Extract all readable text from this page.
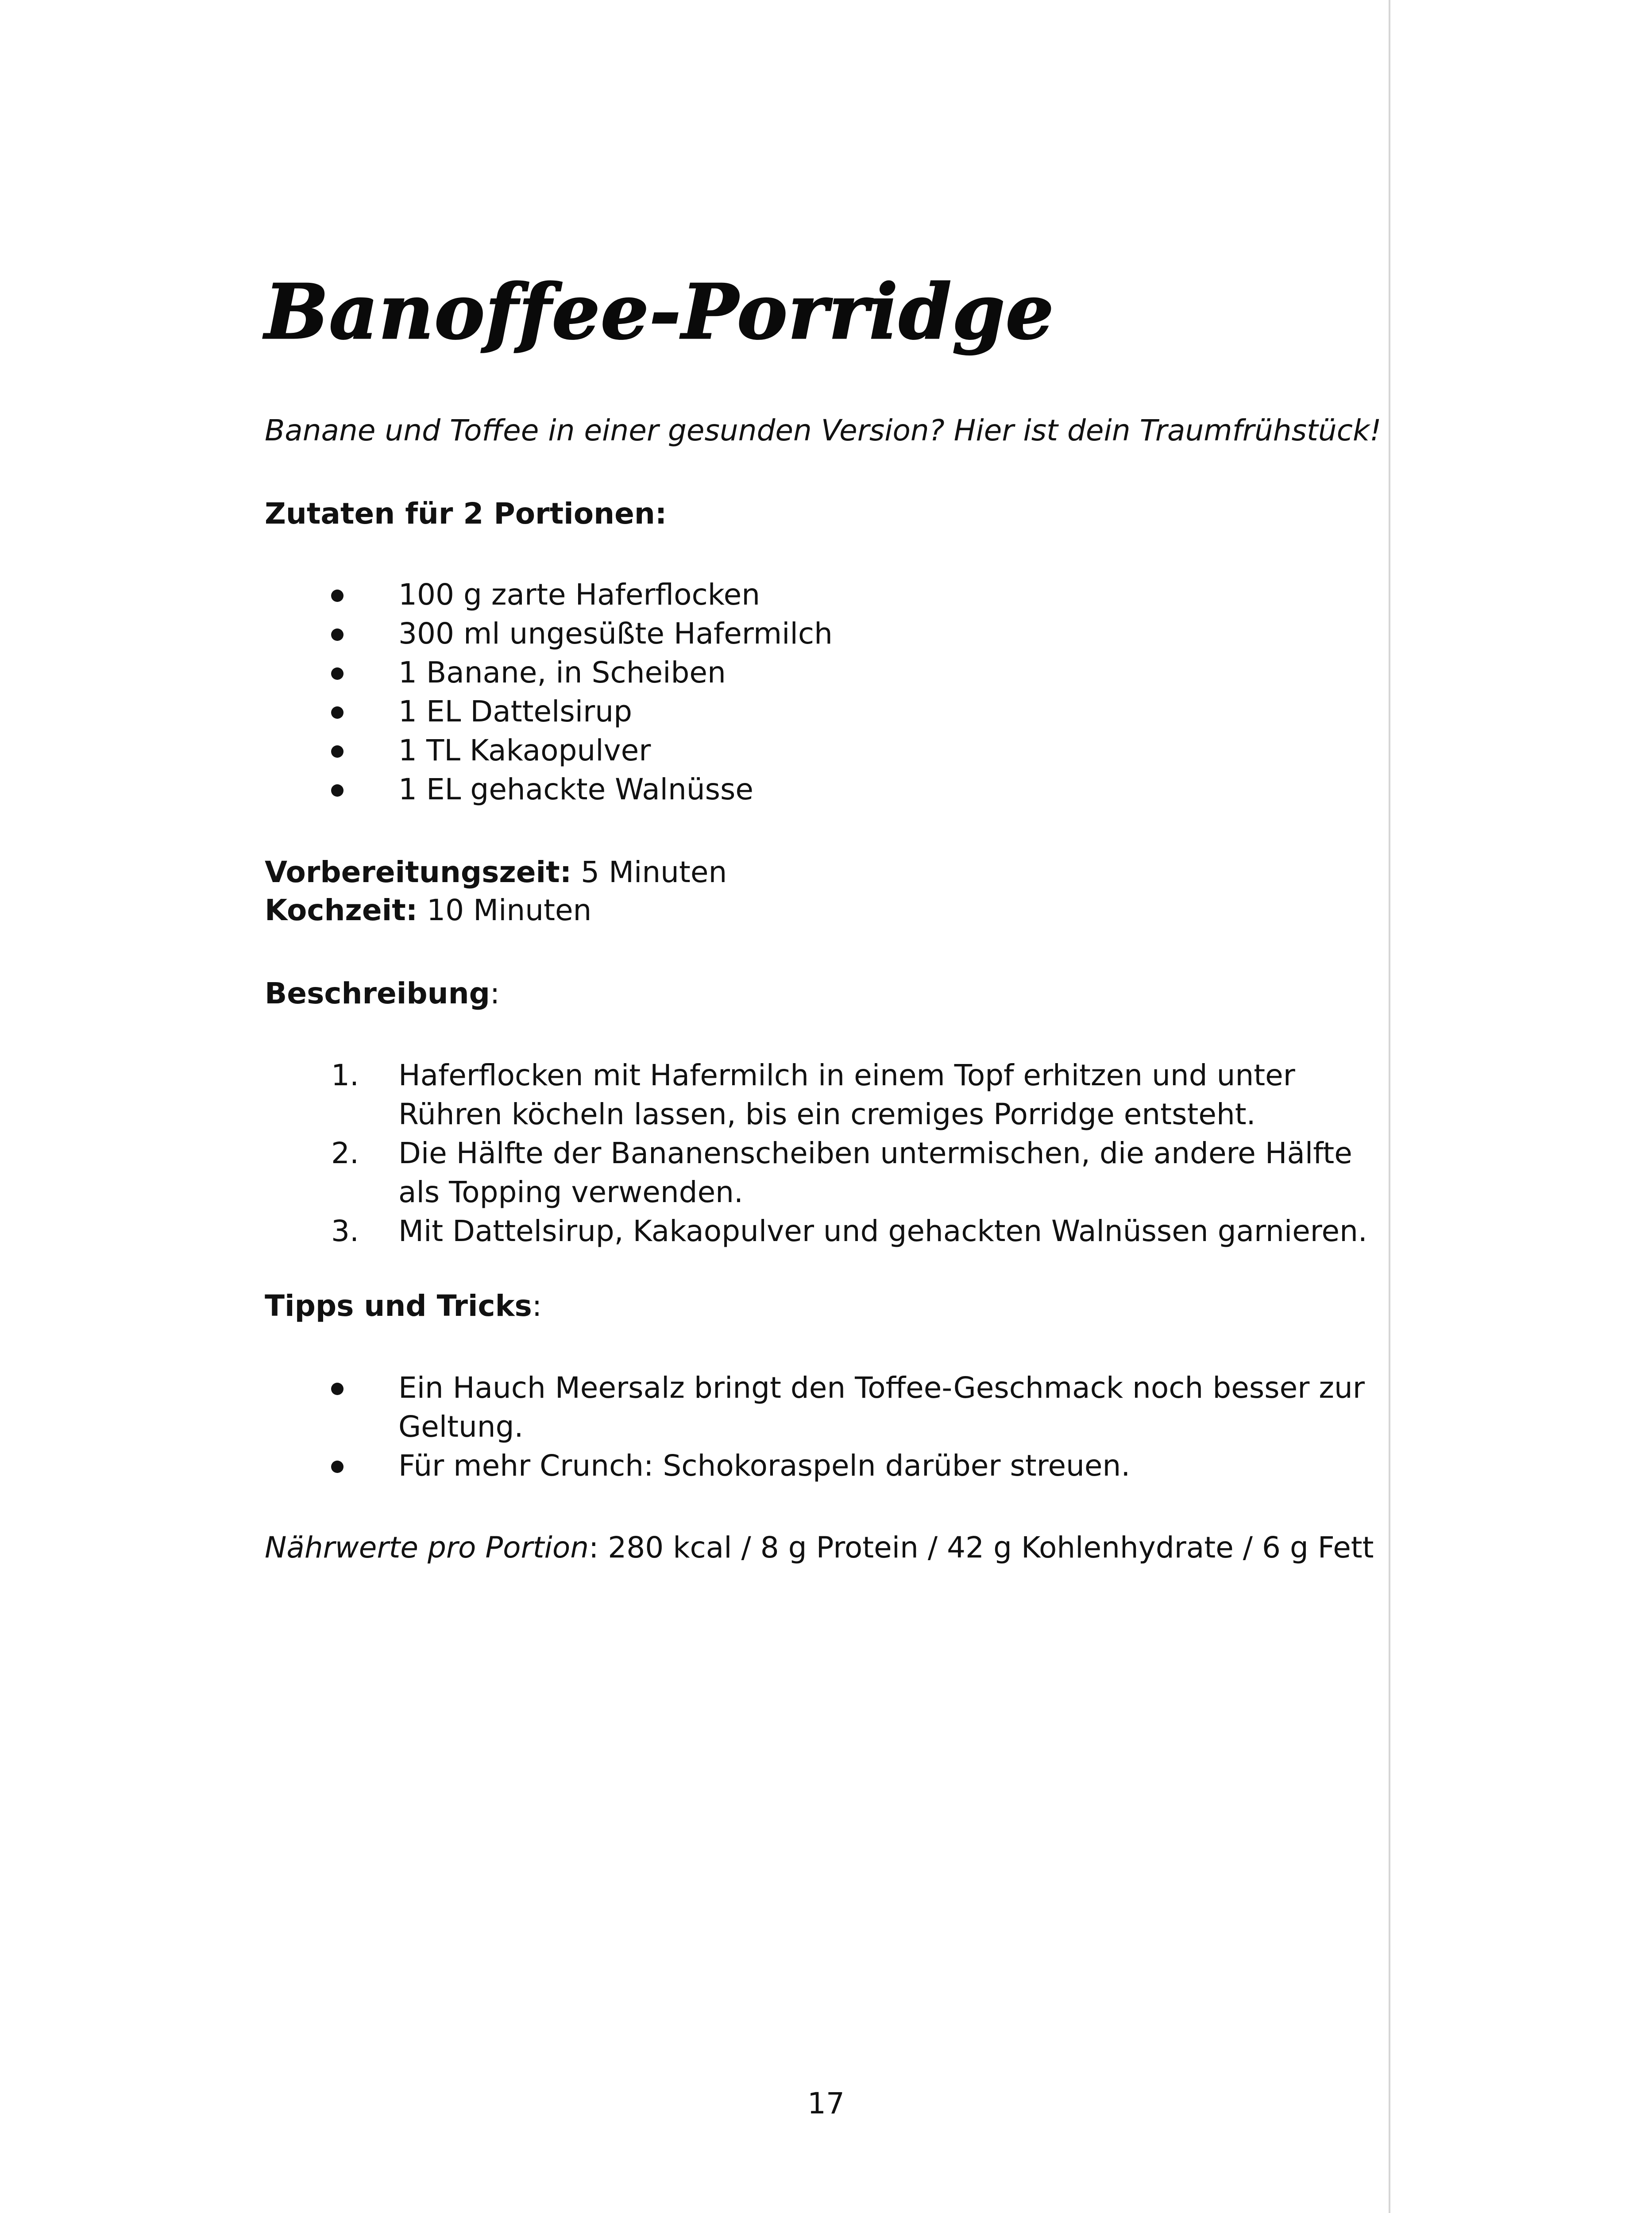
Banoffee-Porridge

Banane und Toffee in einer gesunden Version? Hier ist dein Traumfrühstück!

Zutaten für 2 Portionen:

100 g zarte Haferflocken
300 ml ungesüßte Hafermilch
1 Banane, in Scheiben
1 EL Dattelsirup
1 TL Kakaopulver
1 EL gehackte Walnüsse

Vorbereitungszeit: 5 Minuten

Kochzeit: 10 Minuten

Beschreibung:

1. Haferflocken mit Hafermilch in einem Topf erhitzen und unter Rühren köcheln lassen, bis ein cremiges Porridge entsteht.
2. Die Hälfte der Bananenscheiben untermischen, die andere Hälfte als Topping verwenden.
3. Mit Dattelsirup, Kakaopulver und gehackten Walnüssen garnieren.

Tipps und Tricks:

Ein Hauch Meersalz bringt den Toffee-Geschmack noch besser zur Geltung.
Für mehr Crunch: Schokoraspeln darüber streuen.

Nährwerte pro Portion: 280 kcal / 8 g Protein / 42 g Kohlenhydrate / 6 g Fett

17
